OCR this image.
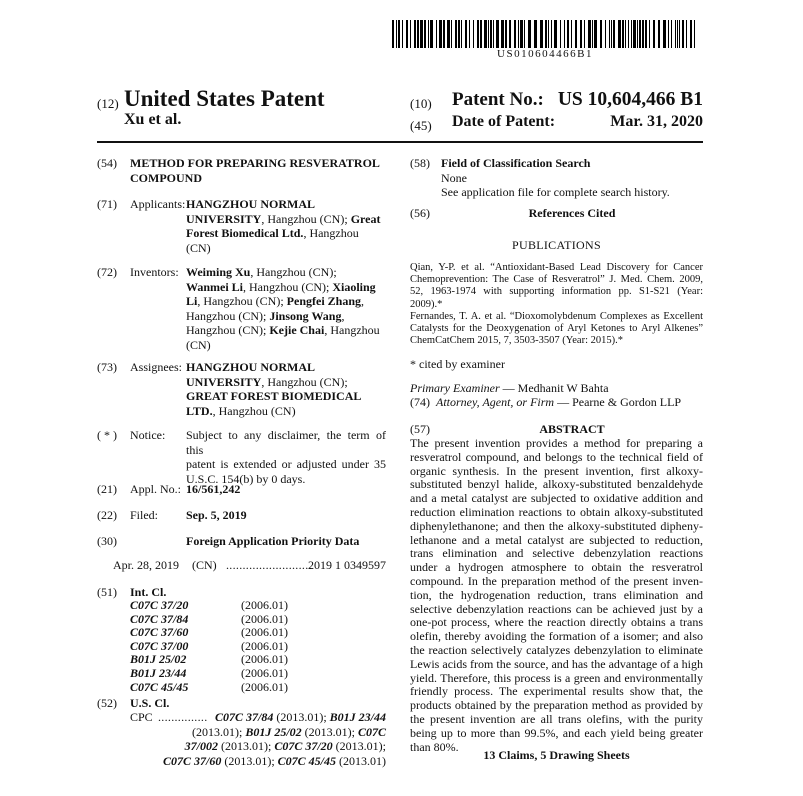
US010604466B1
(12) United States Patent
Xu et al.
(10) Patent No.: US 10,604,466 B1
(45) Date of Patent:	Mar. 31, 2020
(54) METHOD FOR PREPARING RESVERATROL
COMPOUND
(71) Applicants: HANGZHOU NORMAL
UNIVERSITY, Hangzhou (CN); Great
Forest Biomedical Ltd., Hangzhou
(CN)
(72) Inventors: Weiming Xu, Hangzhou (CN);
Wanmei Li, Hangzhou (CN); Xiaoling
Li, Hangzhou (CN); Pengfei Zhang,
Hangzhou (CN); Jinsong Wang,
Hangzhou (CN); Kejie Chai, Hangzhou
(CN)
(73) Assignees: HANGZHOU NORMAL
UNIVERSITY, Hangzhou (CN);
GREAT FOREST BIOMEDICAL
LTD., Hangzhou (CN)
( * ) Notice: Subject to any disclaimer, the term of this
patent is extended or adjusted under 35
U.S.C. 154(b) by 0 days.
(21) Appl. No.: 16/561,242
(22) Filed: Sep. 5, 2019
(30)	Foreign Application Priority Data
Apr. 28, 2019 (CN) ..........................
2019 1 0349597
(51) Int. Cl.
C07C 37/20	(2006.01)
C07C 37/84	(2006.01)
C07C 37/60	(2006.01)
C07C 37/00	(2006.01)
B01J 25/02	(2006.01)
B01J 23/44	(2006.01)
C07C 45/45	(2006.01)
(52) U.S. Cl.
CPC ............... C07C 37/84 (2013.01); B01J 23/44
(2013.01); B01J 25/02 (2013.01); C07C
37/002 (2013.01); C07C 37/20 (2013.01);
C07C 37/60 (2013.01); C07C 45/45 (2013.01)
(58) Field of Classification Search
None
See application file for complete search history.
(56)	References Cited
PUBLICATIONS
Qian, Y-P. et al. “Antioxidant-Based Lead Discovery for Cancer
Chemoprevention: The Case of Resveratrol” J. Med. Chem. 2009,
52, 1963-1974 with supporting information pp. S1-S21 (Year:
2009).*
Fernandes, T. A. et al. “Dioxomolybdenum Complexes as Excellent
Catalysts for the Deoxygenation of Aryl Ketones to Aryl Alkenes”
ChemCatChem 2015, 7, 3503-3507 (Year: 2015).*
* cited by examiner
Primary Examiner — Medhanit W Bahta
(74) Attorney, Agent, or Firm — Pearne & Gordon LLP
(57)	ABSTRACT
The present invention provides a method for preparing a
resveratrol compound, and belongs to the technical field of
organic synthesis. In the present invention, first alkoxy-
substituted benzyl halide, alkoxy-substituted benzaldehyde
and a metal catalyst are subjected to oxidative addition and
reduction elimination reactions to obtain alkoxy-substituted
diphenylethanone; and then the alkoxy-substituted dipheny-
lethanone and a metal catalyst are subjected to reduction,
trans elimination and selective debenzylation reactions
under a hydrogen atmosphere to obtain the resveratrol
compound. In the preparation method of the present inven-
tion, the hydrogenation reduction, trans elimination and
selective debenzylation reactions can be achieved just by a
one-pot process, where the reaction directly obtains a trans
olefin, thereby avoiding the formation of a isomer; and also
the reaction selectively catalyzes debenzylation to eliminate
Lewis acids from the source, and has the advantage of a high
yield. Therefore, this process is a green and environmentally
friendly process. The experimental results show that, the
products obtained by the preparation method as provided by
the present invention are all trans olefins, with the purity
being up to more than 99.5%, and each yield being greater
than 80%.
13 Claims, 5 Drawing Sheets
